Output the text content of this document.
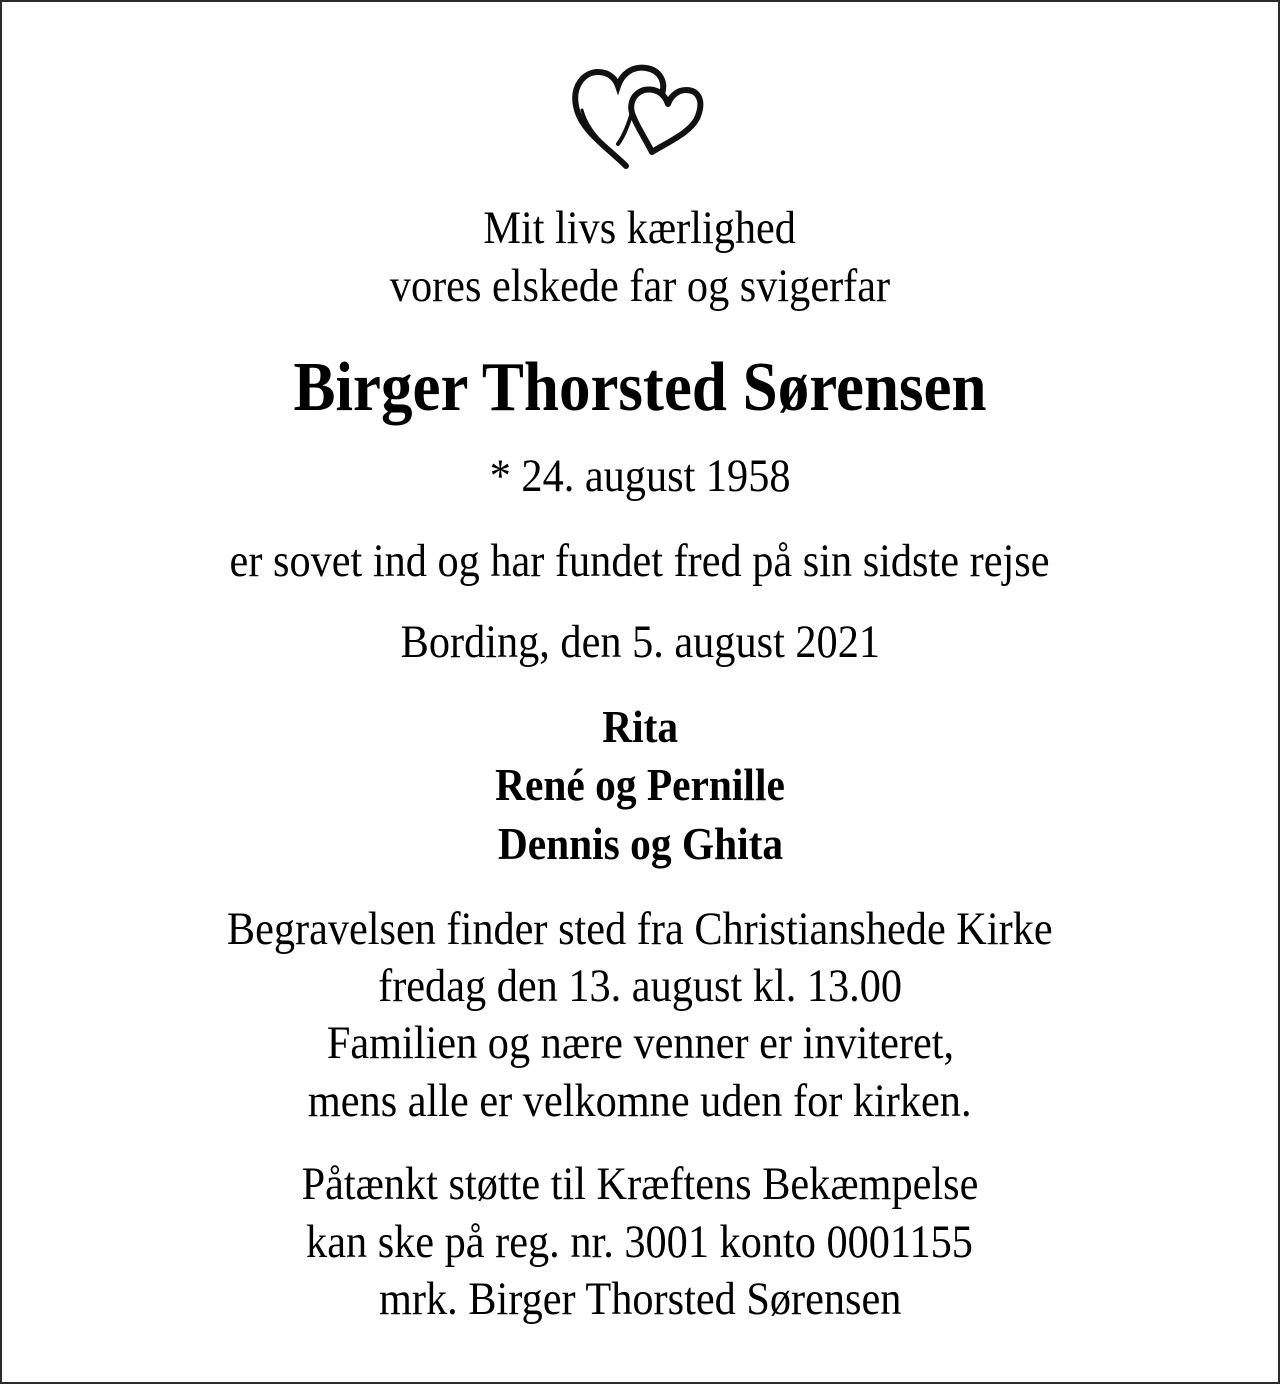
Mit livs kærlighed
vores elskede far og svigerfar
Birger Thorsted Sørensen
* 24. august 1958
er sovet ind og har fundet fred på sin sidste rejse
Bording, den 5. august 2021
Rita
René og Pernille
Dennis og Ghita
Begravelsen finder sted fra Christianshede Kirke
fredag den 13. august kl. 13.00
Familien og nære venner er inviteret,
mens alle er velkomne uden for kirken.
Påtænkt støtte til Kræftens Bekæmpelse
kan ske på reg. nr. 3001 konto 0001155
mrk. Birger Thorsted Sørensen
